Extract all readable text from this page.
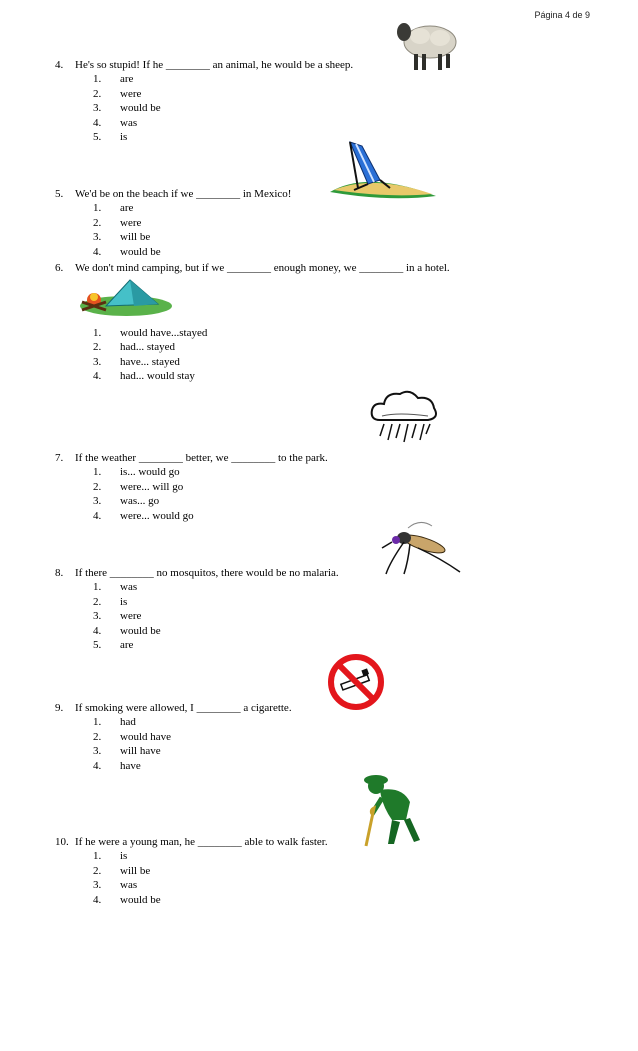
Página 4 de 9
4. He's so stupid! If he ________ an animal, he would be a sheep.
1. are
2. were
3. would be
4. was
5. is
5. We'd be on the beach if we ________ in Mexico!
1. are
2. were
3. will be
4. would be
6. We don't mind camping, but if we ________ enough money, we ________ in a hotel.
1. would have...stayed
2. had... stayed
3. have... stayed
4. had... would stay
7. If the weather ________ better, we ________ to the park.
1. is... would go
2. were... will go
3. was... go
4. were... would go
8. If there ________ no mosquitos, there would be no malaria.
1. was
2. is
3. were
4. would be
5. are
9. If smoking were allowed, I ________ a cigarette.
1. had
2. would have
3. will have
4. have
10. If he were a young man, he ________ able to walk faster.
1. is
2. will be
3. was
4. would be
